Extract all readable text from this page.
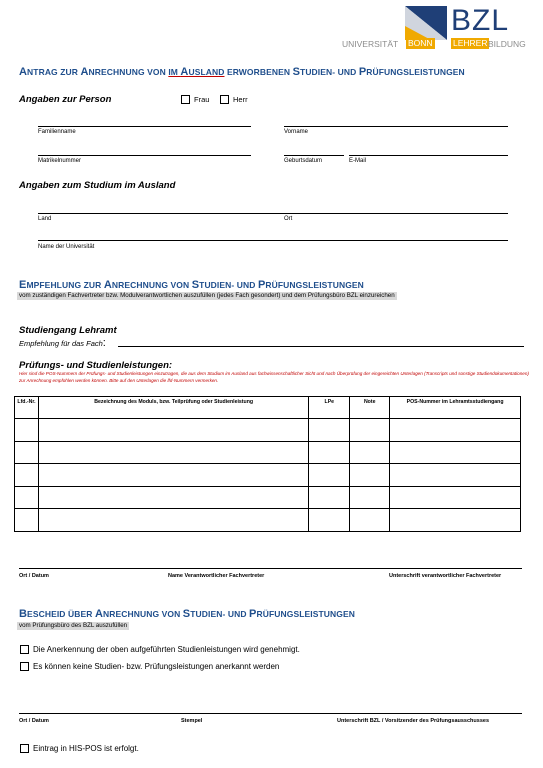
BZL
UNIVERSITÄT BONN LEHRER BILDUNG
ANTRAG ZUR ANRECHNUNG VON IM AUSLAND ERWORBENEN STUDIEN- UND PRÜFUNGSLEISTUNGEN
Angaben zur Person	Frau	Herr
Familienname	Vorname
Matrikelnummer	Geburtsdatum	E-Mail
Angaben zum Studium im Ausland
Land	Ort
Name der Universität
EMPFEHLUNG ZUR ANRECHNUNG VON STUDIEN- UND PRÜFUNGSLEISTUNGEN
vom zuständigen Fachvertreter bzw. Modulverantwortlichen auszufüllen (jedes Fach gesondert) und dem Prüfungsbüro BZL einzureichen
Studiengang Lehramt
Empfehlung für das Fach:
Prüfungs- und Studienleistungen:
Hier sind die POS-Nummern der Prüfungs- und Studienleistungen einzutragen, die aus dem Studium im Ausland aus fachwissenschaftlicher Sicht und nach Überprüfung der eingereichten Unterlagen (Transcripts und sonstige Studiendokumentationen) zur Anrechnung empfohlen werden können. Bitte auf den Unterlagen die lfd-Nummern vermerken.
Lfd.-Nr.	Bezeichnung des Moduls, bzw. Teilprüfung oder Studienleistung	LPe	Note	POS-Nummer im Lehramtsstudiengang

Ort / Datum	Name Verantwortlicher Fachvertreter	Unterschrift verantwortlicher Fachvertreter
BESCHEID ÜBER ANRECHNUNG VON STUDIEN- UND PRÜFUNGSLEISTUNGEN
vom Prüfungsbüro des BZL auszufüllen
Die Anerkennung der oben aufgeführten Studienleistungen wird genehmigt.
Es können keine Studien- bzw. Prüfungsleistungen anerkannt werden
Ort / Datum	Stempel	Unterschrift BZL / Vorsitzender des Prüfungsausschusses
Eintrag in HIS-POS ist erfolgt.
